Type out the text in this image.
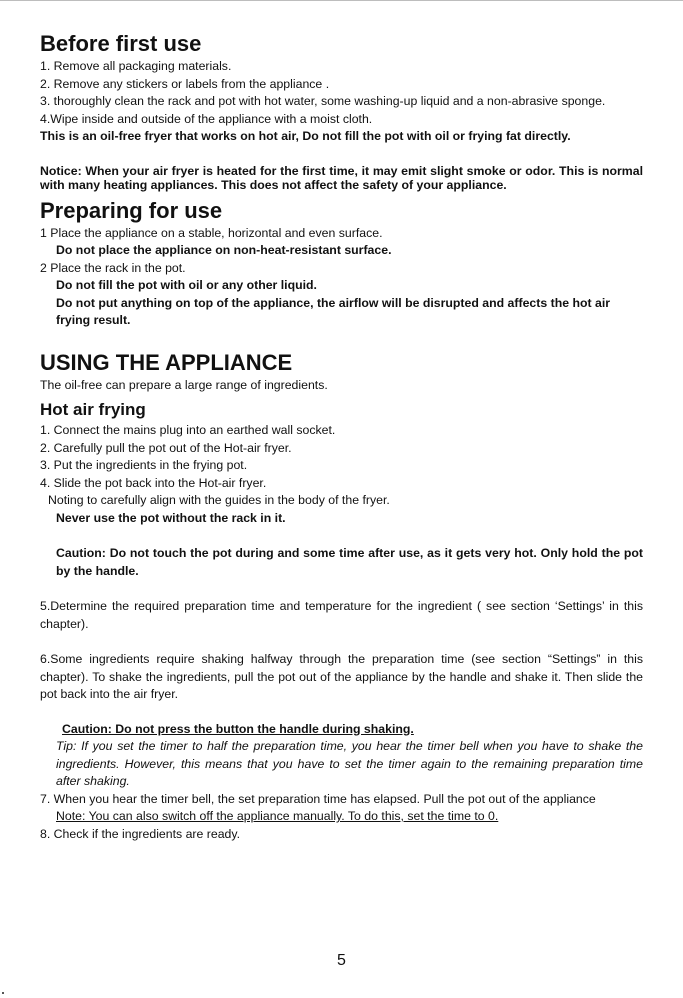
Before first use

1. Remove all packaging materials.

2. Remove any stickers or labels from the appliance .

3. thoroughly clean the rack and pot with hot water, some washing-up liquid and a non-abrasive sponge.

4.Wipe inside and outside of the appliance with a moist cloth.

This is an oil-free fryer that works on hot air, Do not fill the pot with oil or frying fat directly.

Notice: When your air fryer is heated for the first time, it may emit slight smoke or odor. This is normal with many heating appliances. This does not affect the safety of your appliance.

Preparing for use

1 Place the appliance on a stable, horizontal and even surface.

Do not place the appliance on non-heat-resistant surface.

2 Place the rack in the pot.

Do not fill the pot with oil or any other liquid.

Do not put anything on top of the appliance, the airflow will be disrupted and affects the hot air frying result.

USING THE APPLIANCE

The oil-free can prepare a large range of ingredients.

Hot air frying

1. Connect the mains plug into an earthed wall socket.

2. Carefully pull the pot out of the Hot-air fryer.

3. Put the ingredients in the frying pot.

4. Slide the pot back into the Hot-air fryer.

Noting to carefully align with the guides in the body of the fryer.

Never use the pot without the rack in it.

Caution: Do not touch the pot during and some time after use, as it gets very hot. Only hold the pot by the handle.

5.Determine the required preparation time and temperature for the ingredient ( see section ‘Settings’ in this chapter).

6.Some ingredients require shaking halfway through the preparation time (see section “Settings” in this chapter). To shake the ingredients, pull the pot out of the appliance by the handle and shake it. Then slide the pot back into the air fryer.

Caution: Do not press the button the handle during shaking.

Tip: If you set the timer to half the preparation time, you hear the timer bell when you have to shake the ingredients. However, this means that you have to set the timer again to the remaining preparation time after shaking.

7. When you hear the timer bell, the set preparation time has elapsed. Pull the pot out of the appliance

Note: You can also switch off the appliance manually. To do this, set the time to 0.

8. Check if the ingredients are ready.

5
